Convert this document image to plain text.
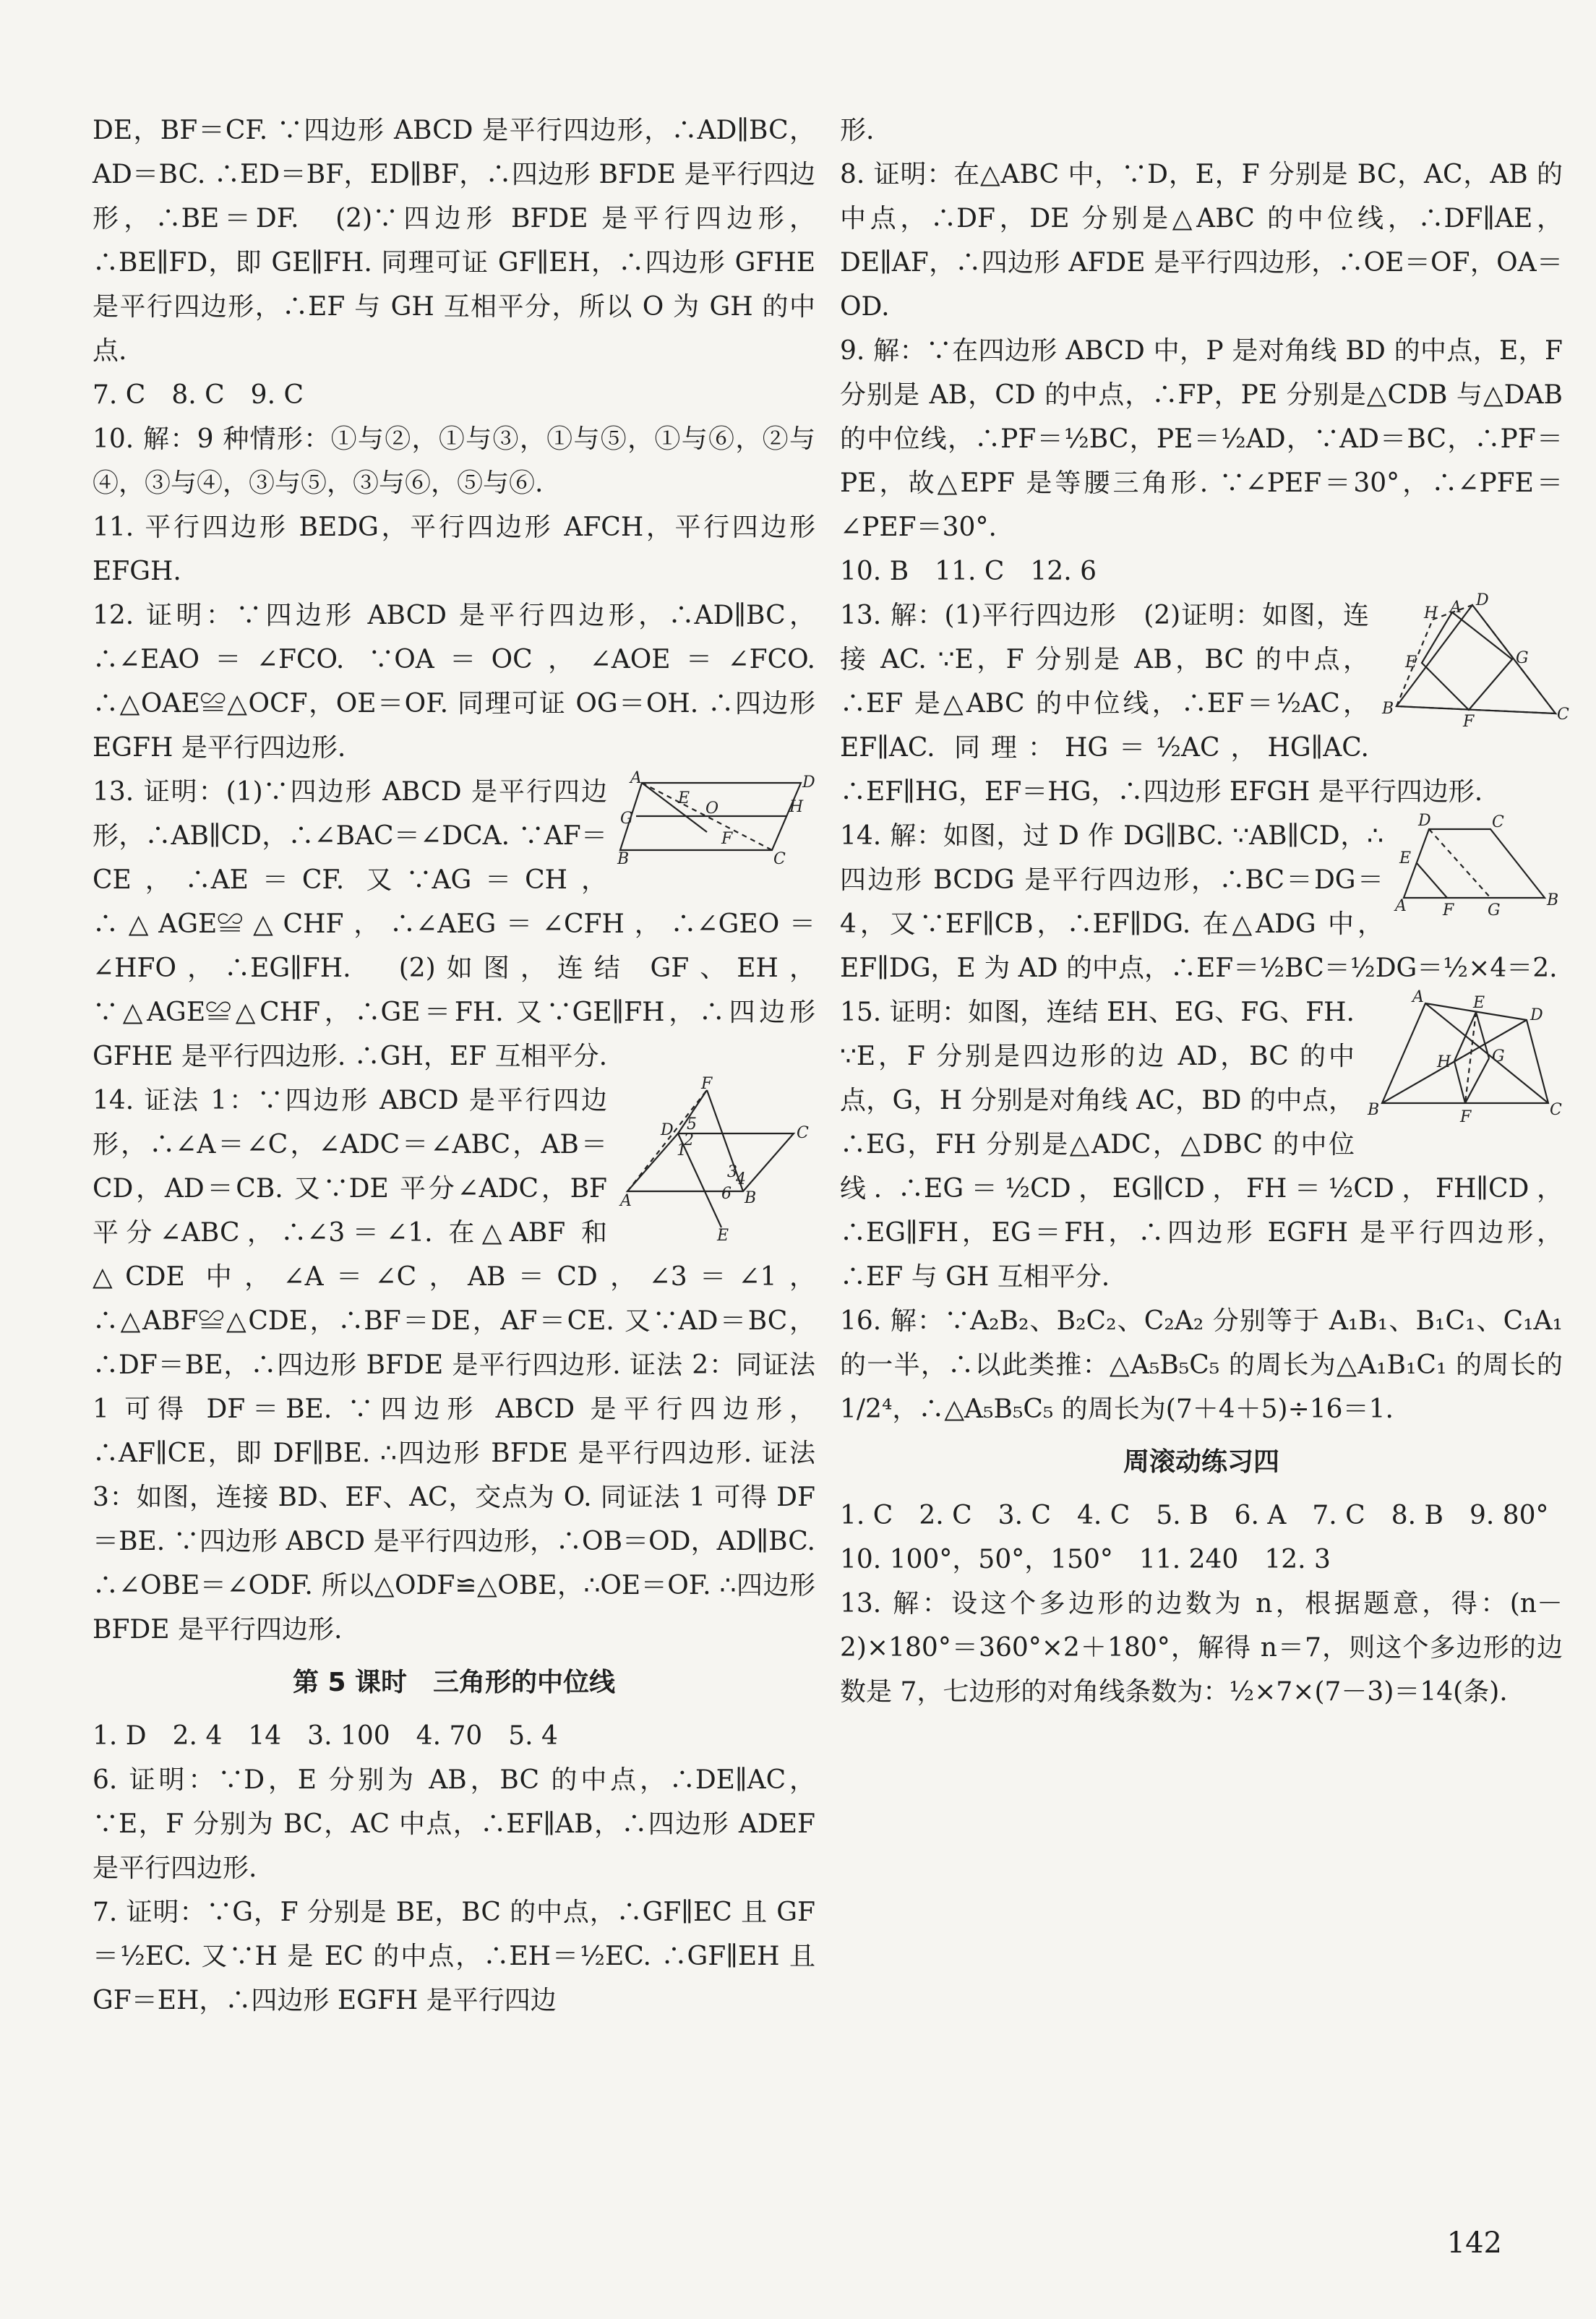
DE，BF＝CF. ∵四边形 ABCD 是平行四边形，∴AD∥BC，AD＝BC. ∴ED＝BF，ED∥BF，∴四边形 BFDE 是平行四边形，∴BE＝DF.　(2)∵四边形 BFDE 是平行四边形，∴BE∥FD，即 GE∥FH. 同理可证 GF∥EH，∴四边形 GFHE 是平行四边形，∴EF 与 GH 互相平分，所以 O 为 GH 的中点.

7. C　8. C　9. C

10. 解：9 种情形：①与②，①与③，①与⑤，①与⑥，②与④，③与④，③与⑤，③与⑥，⑤与⑥.

11. 平行四边形 BEDG，平行四边形 AFCH，平行四边形 EFGH.

12. 证明：∵四边形 ABCD 是平行四边形，∴AD∥BC，∴∠EAO＝∠FCO. ∵OA＝OC，∠AOE＝∠FCO. ∴△OAE≌△OCF，OE＝OF. 同理可证 OG＝OH. ∴四边形 EGFH 是平行四边形.

A	D
E
O	H
G
F
B	C
13. 证明：(1)∵四边形 ABCD 是平行四边形，∴AB∥CD，∴∠BAC＝∠DCA. ∵AF＝CE，∴AE＝CF. 又∵AG＝CH，∴△AGE≌△CHF，∴∠AEG＝∠CFH，∴∠GEO＝∠HFO，∴EG∥FH.　(2)如图，连结 GF、EH，∵△AGE≌△CHF，∴GE＝FH. 又∵GE∥FH，∴四边形 GFHE 是平行四边形. ∴GH，EF 互相平分.

F
D 5
2
1
3
4
6
A	B
C
E
14. 证法 1：∵四边形 ABCD 是平行四边形，∴∠A＝∠C，∠ADC＝∠ABC，AB＝CD，AD＝CB. 又∵DE 平分∠ADC，BF 平分∠ABC，∴∠3＝∠1. 在△ABF 和△CDE 中，∠A＝∠C，AB＝CD，∠3＝∠1，∴△ABF≌△CDE，∴BF＝DE，AF＝CE. 又∵AD＝BC，∴DF＝BE，∴四边形 BFDE 是平行四边形. 证法 2：同证法 1 可得 DF＝BE. ∵四边形 ABCD 是平行四边形，∴AF∥CE，即 DF∥BE. ∴四边形 BFDE 是平行四边形. 证法 3：如图，连接 BD、EF、AC，交点为 O. 同证法 1 可得 DF＝BE. ∵四边形 ABCD 是平行四边形，∴OB＝OD，AD∥BC. ∴∠OBE＝∠ODF. 所以△ODF≌△OBE，∴OE＝OF. ∴四边形 BFDE 是平行四边形.

第 5 课时　三角形的中位线

1. D　2. 4　14　3. 100　4. 70　5. 4

6. 证明：∵D，E 分别为 AB，BC 的中点，∴DE∥AC，∵E，F 分别为 BC，AC 中点，∴EF∥AB，∴四边形 ADEF 是平行四边形.

7. 证明：∵G，F 分别是 BE，BC 的中点，∴GF∥EC 且 GF＝½EC. 又∵H 是 EC 的中点，∴EH＝½EC. ∴GF∥EH 且 GF＝EH，∴四边形 EGFH 是平行四边

形.

8. 证明：在△ABC 中，∵D，E，F 分别是 BC，AC，AB 的中点，∴DF，DE 分别是△ABC 的中位线，∴DF∥AE，DE∥AF，∴四边形 AFDE 是平行四边形，∴OE＝OF，OA＝OD.

9. 解：∵在四边形 ABCD 中，P 是对角线 BD 的中点，E，F 分别是 AB，CD 的中点，∴FP，PE 分别是△CDB 与△DAB 的中位线，∴PF＝½BC，PE＝½AD，∵AD＝BC，∴PF＝PE，故△EPF 是等腰三角形. ∵∠PEF＝30°，∴∠PFE＝∠PEF＝30°.

10. B　11. C　12. 6

H
D
A
G
E
B
F	C
13. 解：(1)平行四边形　(2)证明：如图，连接 AC. ∵E，F 分别是 AB，BC 的中点，∴EF 是△ABC 的中位线，∴EF＝½AC，EF∥AC. 同理：HG＝½AC，HG∥AC. ∴EF∥HG，EF＝HG，∴四边形 EFGH 是平行四边形.

D	C
E
A F G
B
14. 解：如图，过 D 作 DG∥BC. ∵AB∥CD，∴四边形 BCDG 是平行四边形，∴BC＝DG＝4，又∵EF∥CB，∴EF∥DG. 在△ADG 中，EF∥DG，E 为 AD 的中点，∴EF＝½BC＝½DG＝½×4＝2.

A	E
D
H	G
B	F	C
15. 证明：如图，连结 EH、EG、FG、FH. ∵E，F 分别是四边形的边 AD，BC 的中点，G，H 分别是对角线 AC，BD 的中点，∴EG，FH 分别是△ADC，△DBC 的中位线. ∴EG＝½CD，EG∥CD，FH＝½CD，FH∥CD，∴EG∥FH，EG＝FH，∴四边形 EGFH 是平行四边形，∴EF 与 GH 互相平分.

16. 解：∵A₂B₂、B₂C₂、C₂A₂ 分别等于 A₁B₁、B₁C₁、C₁A₁ 的一半，∴以此类推：△A₅B₅C₅ 的周长为△A₁B₁C₁ 的周长的 1/2⁴，∴△A₅B₅C₅ 的周长为(7＋4＋5)÷16＝1.

周滚动练习四

1. C　2. C　3. C　4. C　5. B　6. A　7. C　8. B　9. 80°

10. 100°，50°，150°　11. 240　12. 3

13. 解：设这个多边形的边数为 n，根据题意，得：(n－2)×180°＝360°×2＋180°，解得 n＝7，则这个多边形的边数是 7，七边形的对角线条数为：½×7×(7－3)＝14(条).

142
